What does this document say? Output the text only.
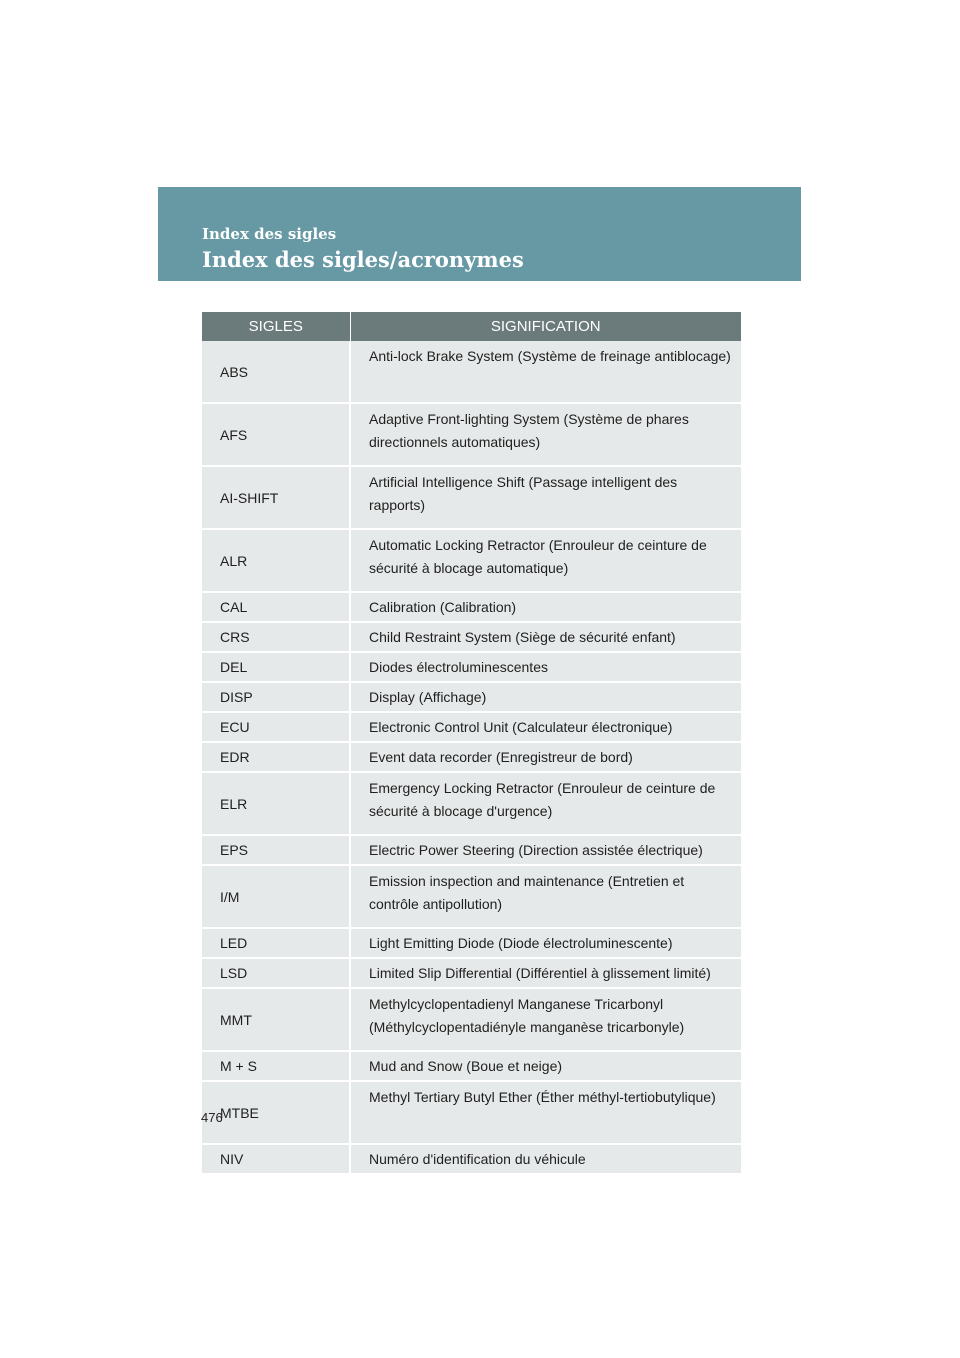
Index des sigles
Index des sigles/acronymes
SIGLES	SIGNIFICATION
ABS	Anti-lock Brake System (Système de freinage antiblocage)
AFS	Adaptive Front-lighting System (Système de phares directionnels automatiques)
AI-SHIFT	Artificial Intelligence Shift (Passage intelligent des rapports)
ALR	Automatic Locking Retractor (Enrouleur de ceinture de sécurité à blocage automatique)
CAL	Calibration (Calibration)
CRS	Child Restraint System (Siège de sécurité enfant)
DEL	Diodes électroluminescentes
DISP	Display (Affichage)
ECU	Electronic Control Unit (Calculateur électronique)
EDR	Event data recorder (Enregistreur de bord)
ELR	Emergency Locking Retractor (Enrouleur de ceinture de sécurité à blocage d'urgence)
EPS	Electric Power Steering (Direction assistée électrique)
I/M	Emission inspection and maintenance (Entretien et contrôle antipollution)
LED	Light Emitting Diode (Diode électroluminescente)
LSD	Limited Slip Differential (Différentiel à glissement limité)
MMT	Methylcyclopentadienyl Manganese Tricarbonyl (Méthylcyclopentadiényle manganèse tricarbonyle)
M + S	Mud and Snow (Boue et neige)
MTBE	Methyl Tertiary Butyl Ether (Éther méthyl-tertiobutylique)
NIV	Numéro d'identification du véhicule
476
